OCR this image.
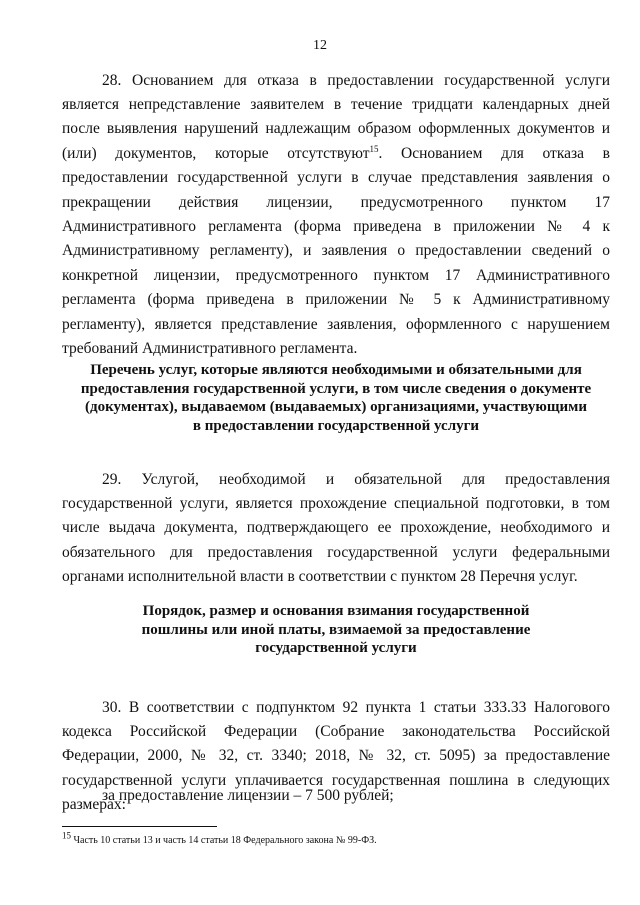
12

28. Основанием для отказа в предоставлении государственной услуги является непредставление заявителем в течение тридцати календарных дней после выявления нарушений надлежащим образом оформленных документов и (или) документов, которые отсутствуют$^{15}$. Основанием для отказа в предоставлении государственной услуги в случае представления заявления о прекращении действия лицензии, предусмотренного пунктом 17 Административного регламента (форма приведена в приложении № 4 к Административному регламенту), и заявления о предоставлении сведений о конкретной лицензии, предусмотренного пунктом 17 Административного регламента (форма приведена в приложении № 5 к Административному регламенту), является представление заявления, оформленного с нарушением требований Административного регламента.

Перечень услуг, которые являются необходимыми и обязательными для
предоставления государственной услуги, в том числе сведения о документе
(документах), выдаваемом (выдаваемых) организациями, участвующими
в предоставлении государственной услуги

29. Услугой, необходимой и обязательной для предоставления государственной услуги, является прохождение специальной подготовки, в том числе выдача документа, подтверждающего ее прохождение, необходимого и обязательного для предоставления государственной услуги федеральными органами исполнительной власти в соответствии с пунктом 28 Перечня услуг.

Порядок, размер и основания взимания государственной
пошлины или иной платы, взимаемой за предоставление
государственной услуги

30. В соответствии с подпунктом 92 пункта 1 статьи 333.33 Налогового кодекса Российской Федерации (Собрание законодательства Российской Федерации, 2000, № 32, ст. 3340; 2018, № 32, ст. 5095) за предоставление государственной услуги уплачивается государственная пошлина в следующих размерах:

за предоставление лицензии – 7 500 рублей;
$^{15}$ Часть 10 статьи 13 и часть 14 статьи 18 Федерального закона № 99-ФЗ.
